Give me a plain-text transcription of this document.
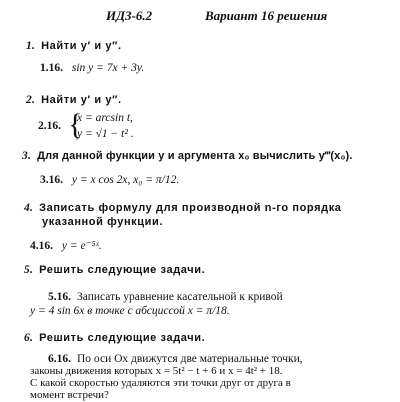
ИДЗ-6.2	Вариант 16 решения
1. Найти y′ и y″.
1.16. sin y = 7x + 3y.
2. Найти y′ и y″.
2.16. {
x = arcsin t,
y = √1 − t² .
3. Для данной функции y и аргумента x₀ вычислить y‴(x₀).
3.16. y = x cos 2x, x₀ = π/12.
4. Записать формулу для производной n-го порядка
указанной функции.
4.16. y = e⁻⁵ˣ.
5. Решить следующие задачи.
5.16. Записать уравнение касательной к кривой
y = 4 sin 6x в точке с абсциссой x = π/18.
6. Решить следующие задачи.
6.16. По оси Ox движутся две материальные точки,
законы движения которых x = 5t² − t + 6 и x = 4t² + 18.
С какой скоростью удаляются эти точки друг от друга в
момент встречи?
